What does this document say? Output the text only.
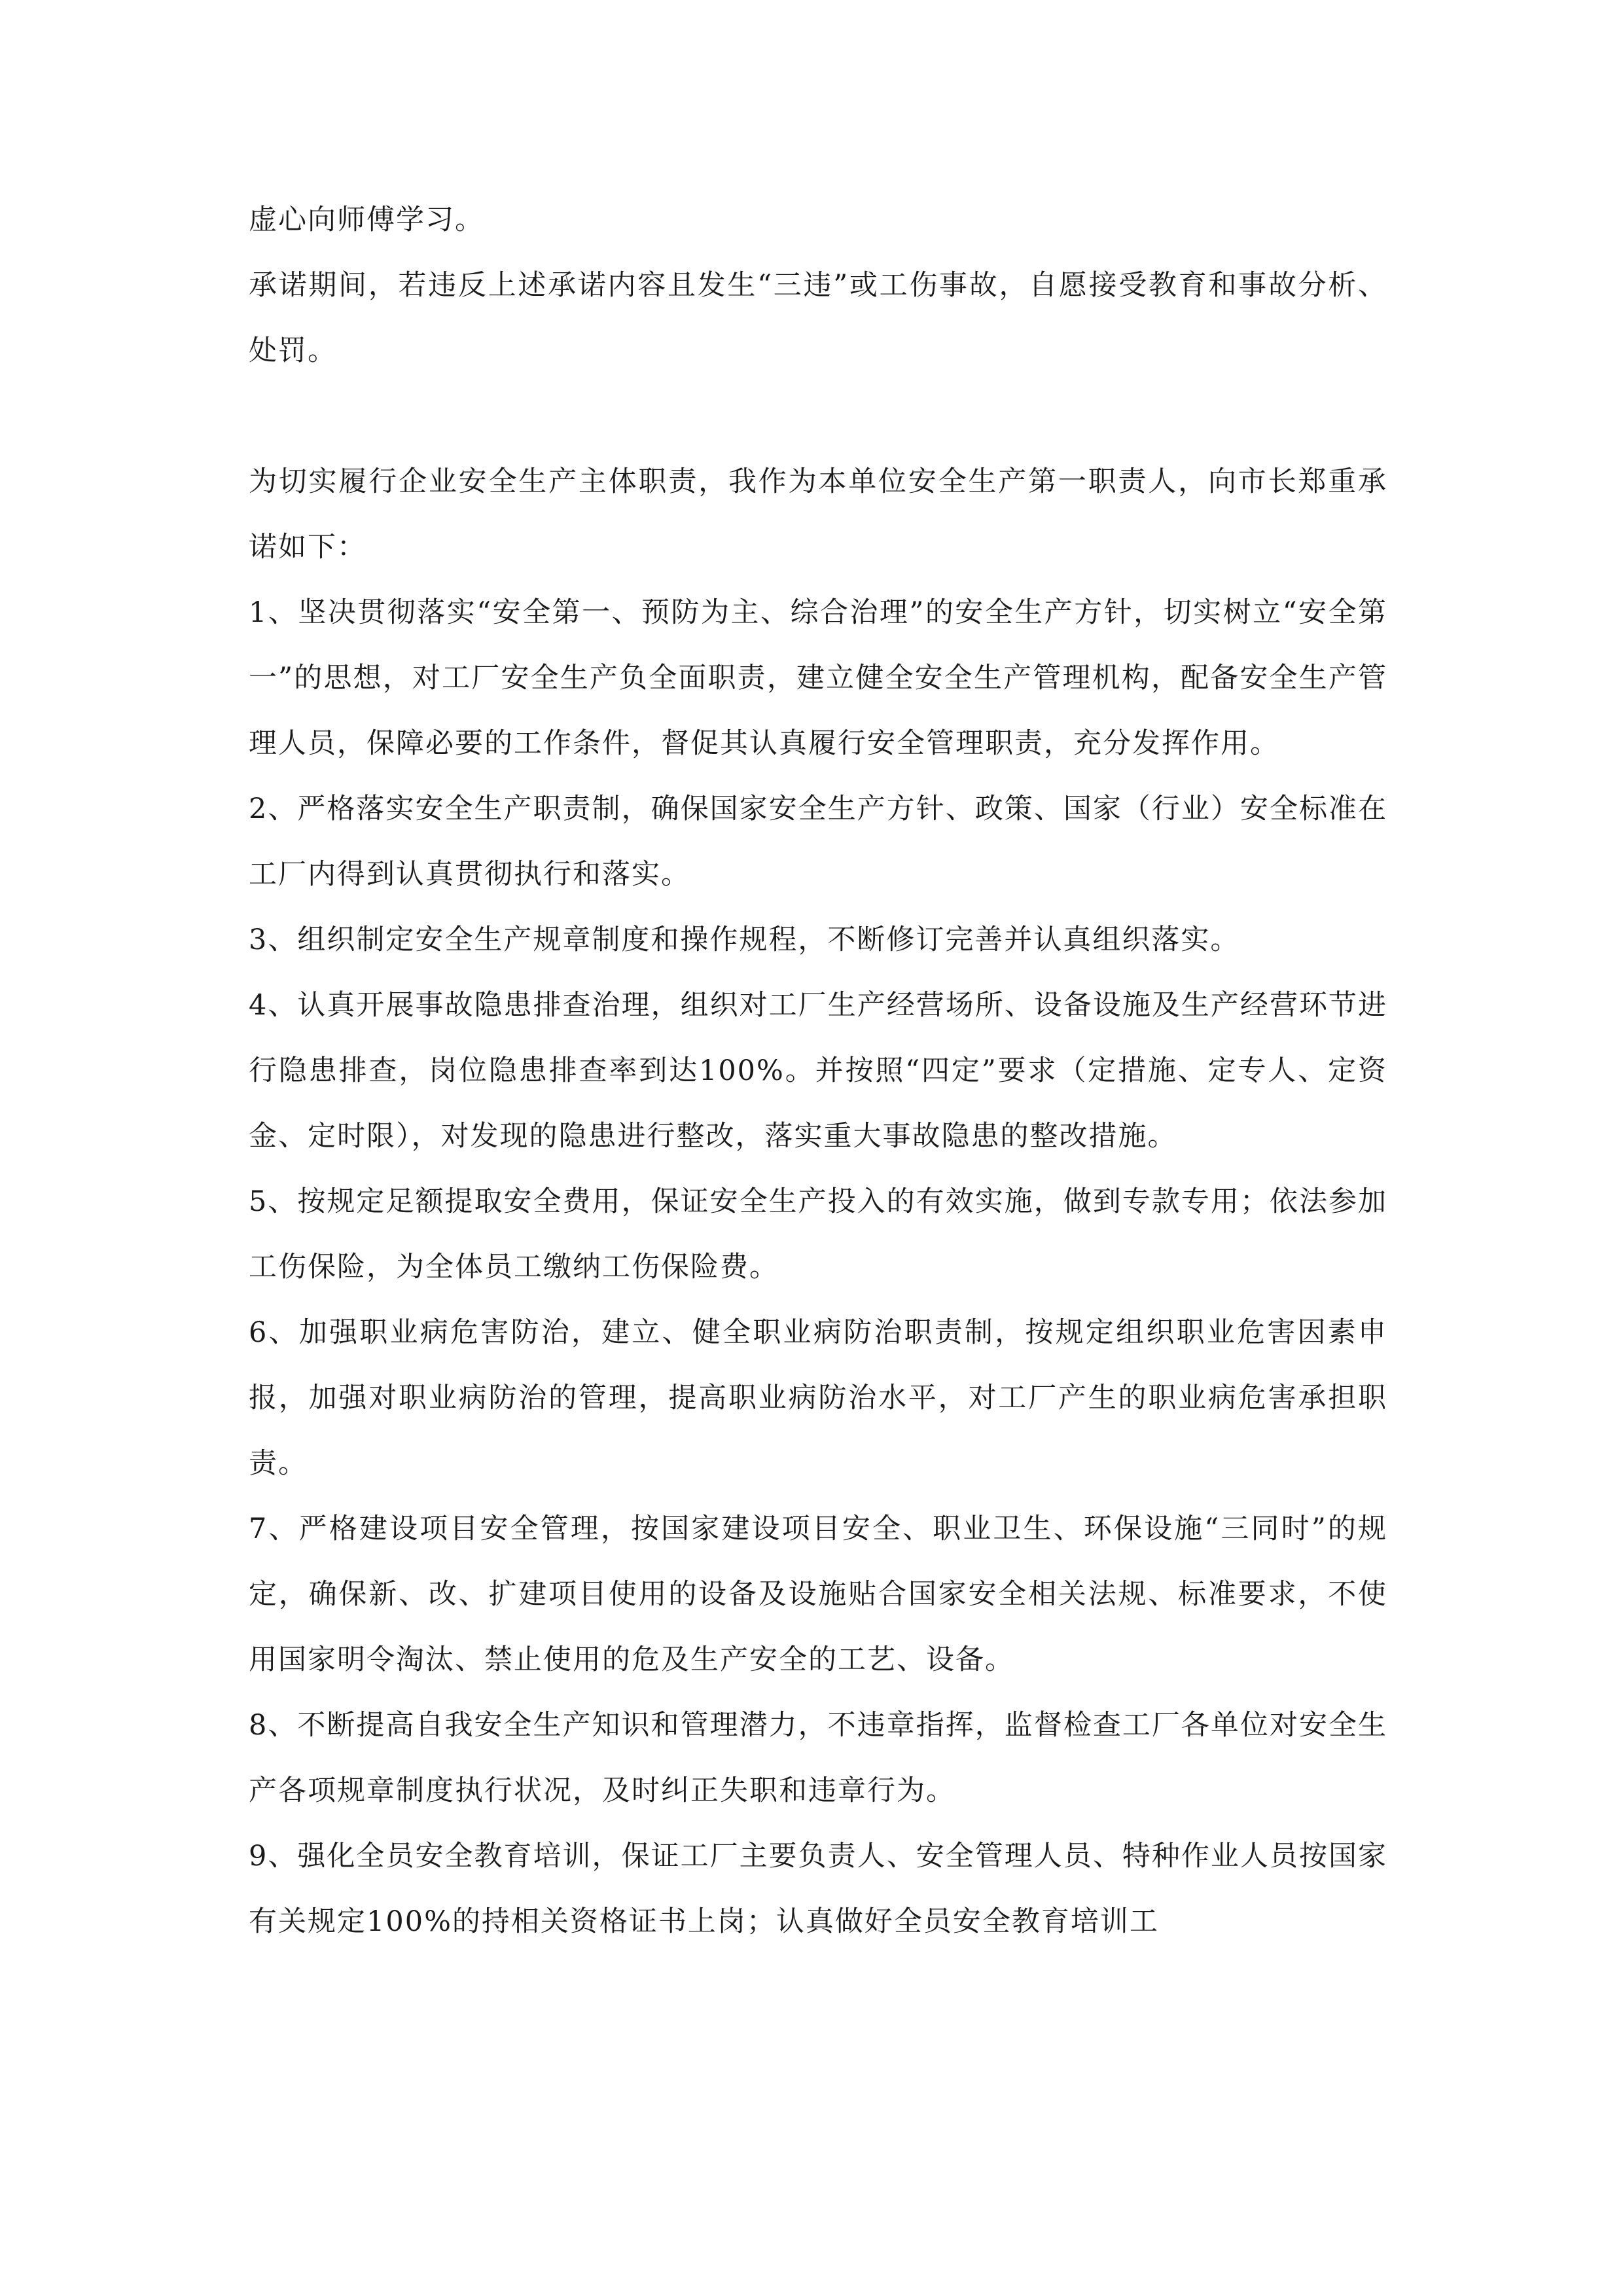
虚心向师傅学习。

承诺期间，若违反上述承诺内容且发生“三违”或工伤事故，自愿接受教育和事故分析、处罚。

为切实履行企业安全生产主体职责，我作为本单位安全生产第一职责人，向市长郑重承诺如下：

1、坚决贯彻落实“安全第一、预防为主、综合治理”的安全生产方针，切实树立“安全第一”的思想，对工厂安全生产负全面职责，建立健全安全生产管理机构，配备安全生产管理人员，保障必要的工作条件，督促其认真履行安全管理职责，充分发挥作用。

2、严格落实安全生产职责制，确保国家安全生产方针、政策、国家（行业）安全标准在工厂内得到认真贯彻执行和落实。

3、组织制定安全生产规章制度和操作规程，不断修订完善并认真组织落实。

4、认真开展事故隐患排查治理，组织对工厂生产经营场所、设备设施及生产经营环节进行隐患排查，岗位隐患排查率到达100%。并按照“四定”要求（定措施、定专人、定资金、定时限），对发现的隐患进行整改，落实重大事故隐患的整改措施。

5、按规定足额提取安全费用，保证安全生产投入的有效实施，做到专款专用；依法参加工伤保险，为全体员工缴纳工伤保险费。

6、加强职业病危害防治，建立、健全职业病防治职责制，按规定组织职业危害因素申报，加强对职业病防治的管理，提高职业病防治水平，对工厂产生的职业病危害承担职责。

7、严格建设项目安全管理，按国家建设项目安全、职业卫生、环保设施“三同时”的规定，确保新、改、扩建项目使用的设备及设施贴合国家安全相关法规、标准要求，不使用国家明令淘汰、禁止使用的危及生产安全的工艺、设备。

8、不断提高自我安全生产知识和管理潜力，不违章指挥，监督检查工厂各单位对安全生产各项规章制度执行状况，及时纠正失职和违章行为。

9、强化全员安全教育培训，保证工厂主要负责人、安全管理人员、特种作业人员按国家有关规定100%的持相关资格证书上岗；认真做好全员安全教育培训工
